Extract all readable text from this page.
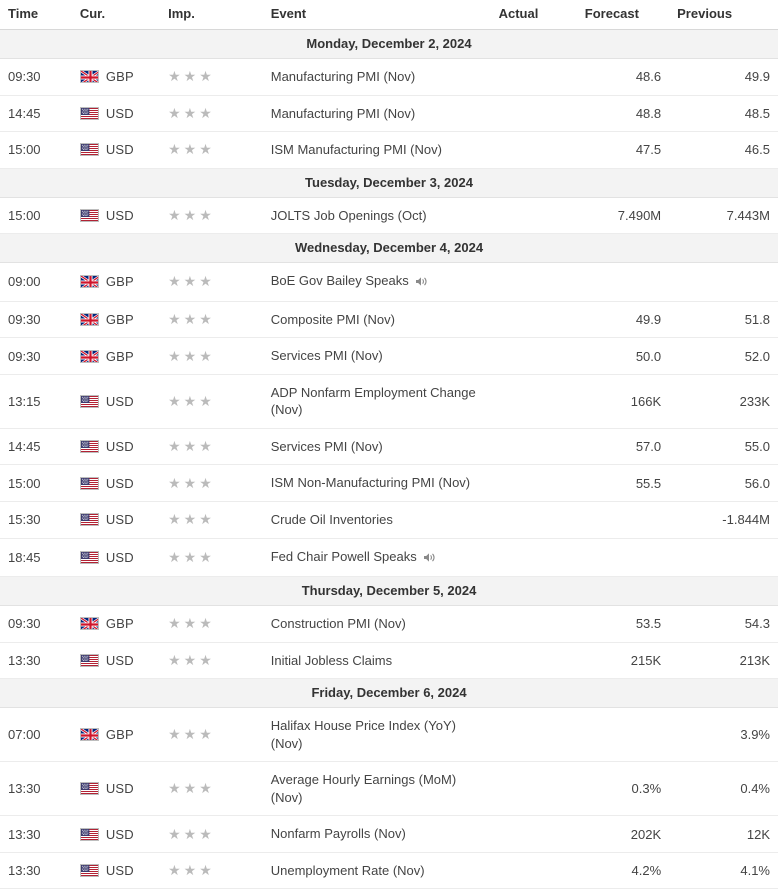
Time	Cur.	Imp.	Event	Actual	Forecast	Previous
Monday, December 2, 2024						
09:30	GBP	★★★	Manufacturing PMI (Nov)		48.6	49.9
14:45	USD	★★★	Manufacturing PMI (Nov)		48.8	48.5
15:00	USD	★★★	ISM Manufacturing PMI (Nov)		47.5	46.5
Tuesday, December 3, 2024						
15:00	USD	★★★	JOLTS Job Openings (Oct)		7.490M	7.443M
Wednesday, December 4, 2024						
09:00	GBP	★★★	BoE Gov Bailey Speaks			
09:30	GBP	★★★	Composite PMI (Nov)		49.9	51.8
09:30	GBP	★★★	Services PMI (Nov)		50.0	52.0
13:15	USD	★★★	ADP Nonfarm Employment Change (Nov)		166K	233K
14:45	USD	★★★	Services PMI (Nov)		57.0	55.0
15:00	USD	★★★	ISM Non-Manufacturing PMI (Nov)		55.5	56.0
15:30	USD	★★★	Crude Oil Inventories			-1.844M
18:45	USD	★★★	Fed Chair Powell Speaks			
Thursday, December 5, 2024						
09:30	GBP	★★★	Construction PMI (Nov)		53.5	54.3
13:30	USD	★★★	Initial Jobless Claims		215K	213K
Friday, December 6, 2024						
07:00	GBP	★★★	Halifax House Price Index (YoY) (Nov)			3.9%
13:30	USD	★★★	Average Hourly Earnings (MoM) (Nov)		0.3%	0.4%
13:30	USD	★★★	Nonfarm Payrolls (Nov)		202K	12K
13:30	USD	★★★	Unemployment Rate (Nov)		4.2%	4.1%
